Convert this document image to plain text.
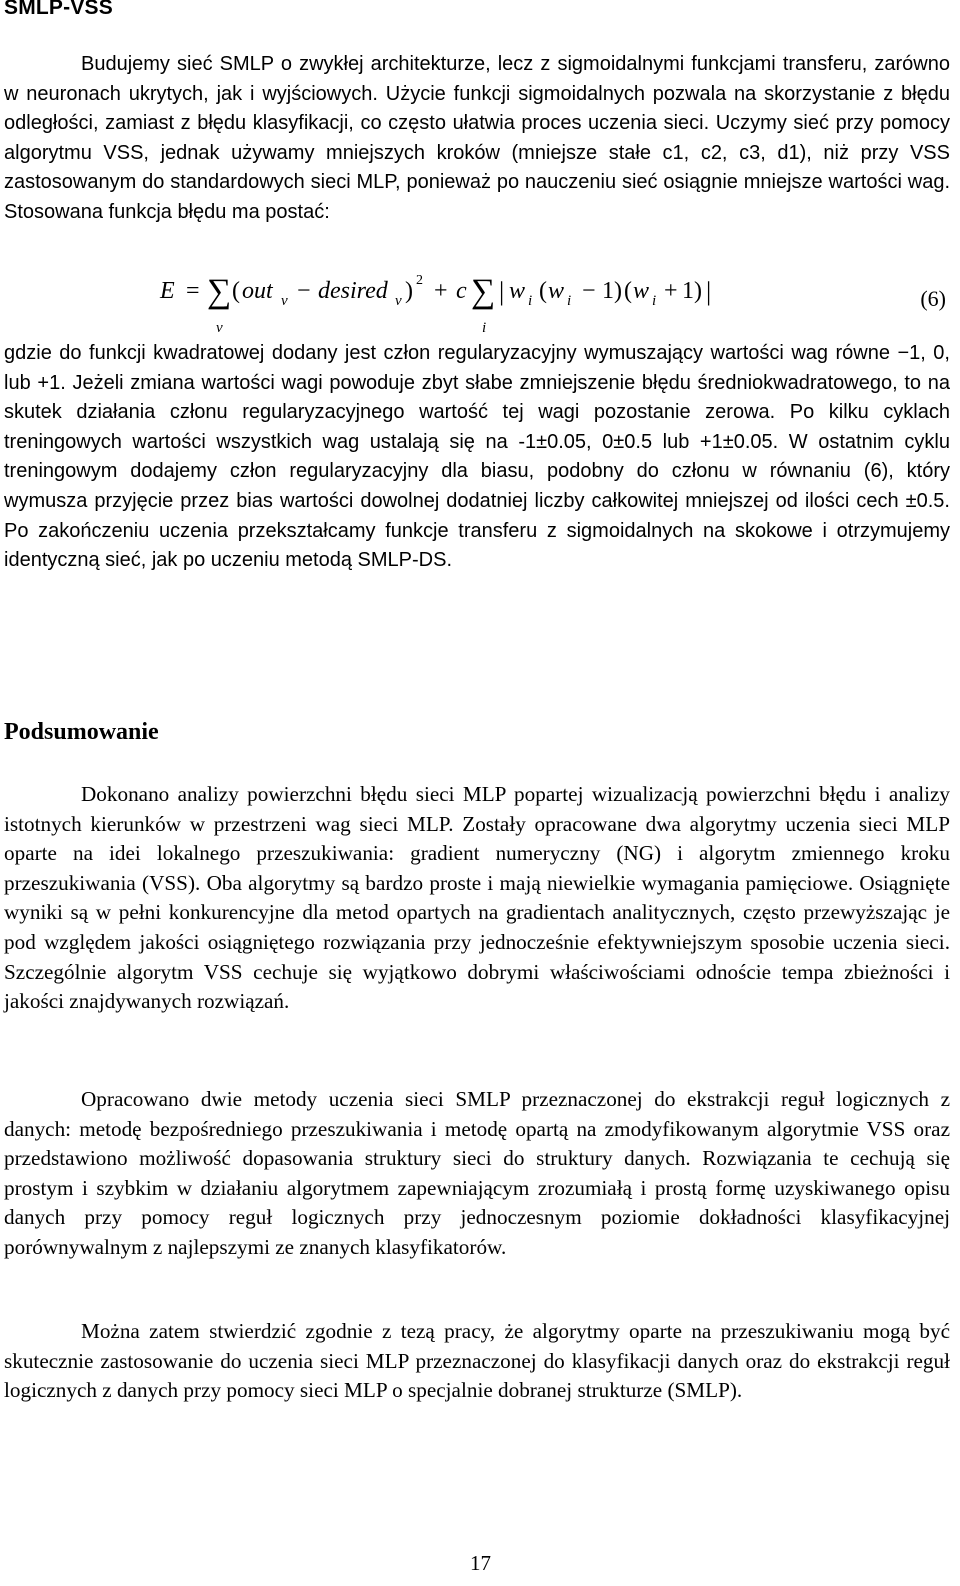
SMLP-VSS

Budujemy sieć SMLP o zwykłej architekturze, lecz z sigmoidalnymi funkcjami transferu, zarówno w neuronach ukrytych, jak i wyjściowych. Użycie funkcji sigmoidalnych pozwala na skorzystanie z błędu odległości, zamiast z błędu klasyfikacji, co często ułatwia proces uczenia sieci. Uczymy sieć przy pomocy algorytmu VSS, jednak używamy mniejszych kroków (mniejsze stałe c1, c2, c3, d1), niż przy VSS zastosowanym do standardowych sieci MLP, ponieważ po nauczeniu sieć osiągnie mniejsze wartości wag. Stosowana funkcja błędu ma postać:

E = ∑
v
( out v − desired v ) 2 + c ∑
i
| w i ( w i − 1) ( w i + 1) |	(6)

gdzie do funkcji kwadratowej dodany jest człon regularyzacyjny wymuszający wartości wag równe −1, 0, lub +1. Jeżeli zmiana wartości wagi powoduje zbyt słabe zmniejszenie błędu średniokwadratowego, to na skutek działania członu regularyzacyjnego wartość tej wagi pozostanie zerowa. Po kilku cyklach treningowych wartości wszystkich wag ustalają się na -1±0.05, 0±0.5 lub +1±0.05. W ostatnim cyklu treningowym dodajemy człon regularyzacyjny dla biasu, podobny do członu w równaniu (6), który wymusza przyjęcie przez bias wartości dowolnej dodatniej liczby całkowitej mniejszej od ilości cech ±0.5. Po zakończeniu uczenia przekształcamy funkcje transferu z sigmoidalnych na skokowe i otrzymujemy identyczną sieć, jak po uczeniu metodą SMLP-DS.

Podsumowanie

Dokonano analizy powierzchni błędu sieci MLP popartej wizualizacją powierzchni błędu i analizy istotnych kierunków w przestrzeni wag sieci MLP. Zostały opracowane dwa algorytmy uczenia sieci MLP oparte na idei lokalnego przeszukiwania: gradient numeryczny (NG) i algorytm zmiennego kroku przeszukiwania (VSS). Oba algorytmy są bardzo proste i mają niewielkie wymagania pamięciowe. Osiągnięte wyniki są w pełni konkurencyjne dla metod opartych na gradientach analitycznych, często przewyższając je pod względem jakości osiągniętego rozwiązania przy jednocześnie efektywniejszym sposobie uczenia sieci. Szczególnie algorytm VSS cechuje się wyjątkowo dobrymi właściwościami odnoście tempa zbieżności i jakości znajdywanych rozwiązań.

Opracowano dwie metody uczenia sieci SMLP przeznaczonej do ekstrakcji reguł logicznych z danych: metodę bezpośredniego przeszukiwania i metodę opartą na zmodyfikowanym algorytmie VSS oraz przedstawiono możliwość dopasowania struktury sieci do struktury danych. Rozwiązania te cechują się prostym i szybkim w działaniu algorytmem zapewniającym zrozumiałą i prostą formę uzyskiwanego opisu danych przy pomocy reguł logicznych przy jednoczesnym poziomie dokładności klasyfikacyjnej porównywalnym z najlepszymi ze znanych klasyfikatorów.

Można zatem stwierdzić zgodnie z tezą pracy, że algorytmy oparte na przeszukiwaniu mogą być skutecznie zastosowanie do uczenia sieci MLP przeznaczonej do klasyfikacji danych oraz do ekstrakcji reguł logicznych z danych przy pomocy sieci MLP o specjalnie dobranej strukturze (SMLP).

17
